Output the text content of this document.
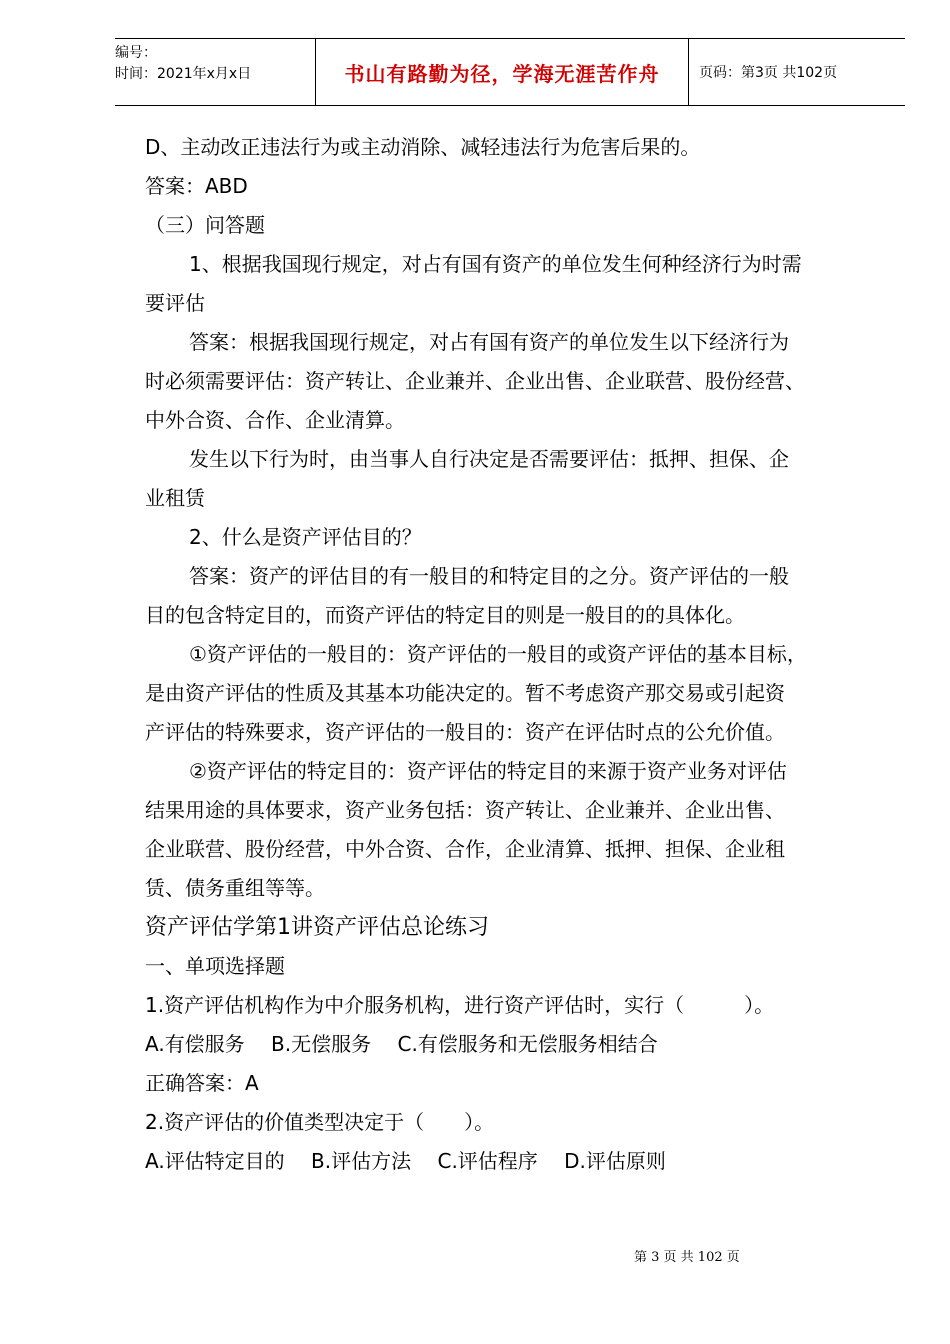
编号：
时间：2021年x月x日	书山有路勤为径，学海无涯苦作舟	页码：第3页 共102页
D、主动改正违法行为或主动消除、减轻违法行为危害后果的。
答案：ABD
（三）问答题
1、根据我国现行规定，对占有国有资产的单位发生何种经济行为时需
要评估
答案：根据我国现行规定，对占有国有资产的单位发生以下经济行为
时必须需要评估：资产转让、企业兼并、企业出售、企业联营、股份经营、
中外合资、合作、企业清算。
发生以下行为时，由当事人自行决定是否需要评估：抵押、担保、企
业租赁
2、什么是资产评估目的？
答案：资产的评估目的有一般目的和特定目的之分。资产评估的一般
目的包含特定目的，而资产评估的特定目的则是一般目的的具体化。
①资产评估的一般目的：资产评估的一般目的或资产评估的基本目标，
是由资产评估的性质及其基本功能决定的。暂不考虑资产那交易或引起资
产评估的特殊要求，资产评估的一般目的：资产在评估时点的公允价值。
②资产评估的特定目的：资产评估的特定目的来源于资产业务对评估
结果用途的具体要求，资产业务包括：资产转让、企业兼并、企业出售、
企业联营、股份经营，中外合资、合作，企业清算、抵押、担保、企业租
赁、债务重组等等。
资产评估学第1讲资产评估总论练习
一、单项选择题
1.资产评估机构作为中介服务机构，进行资产评估时，实行（　　　）。
A.有偿服务　 B.无偿服务　 C.有偿服务和无偿服务相结合
正确答案：A
2.资产评估的价值类型决定于（　　）。
A.评估特定目的　 B.评估方法　 C.评估程序　 D.评估原则
第 3 页 共 102 页
